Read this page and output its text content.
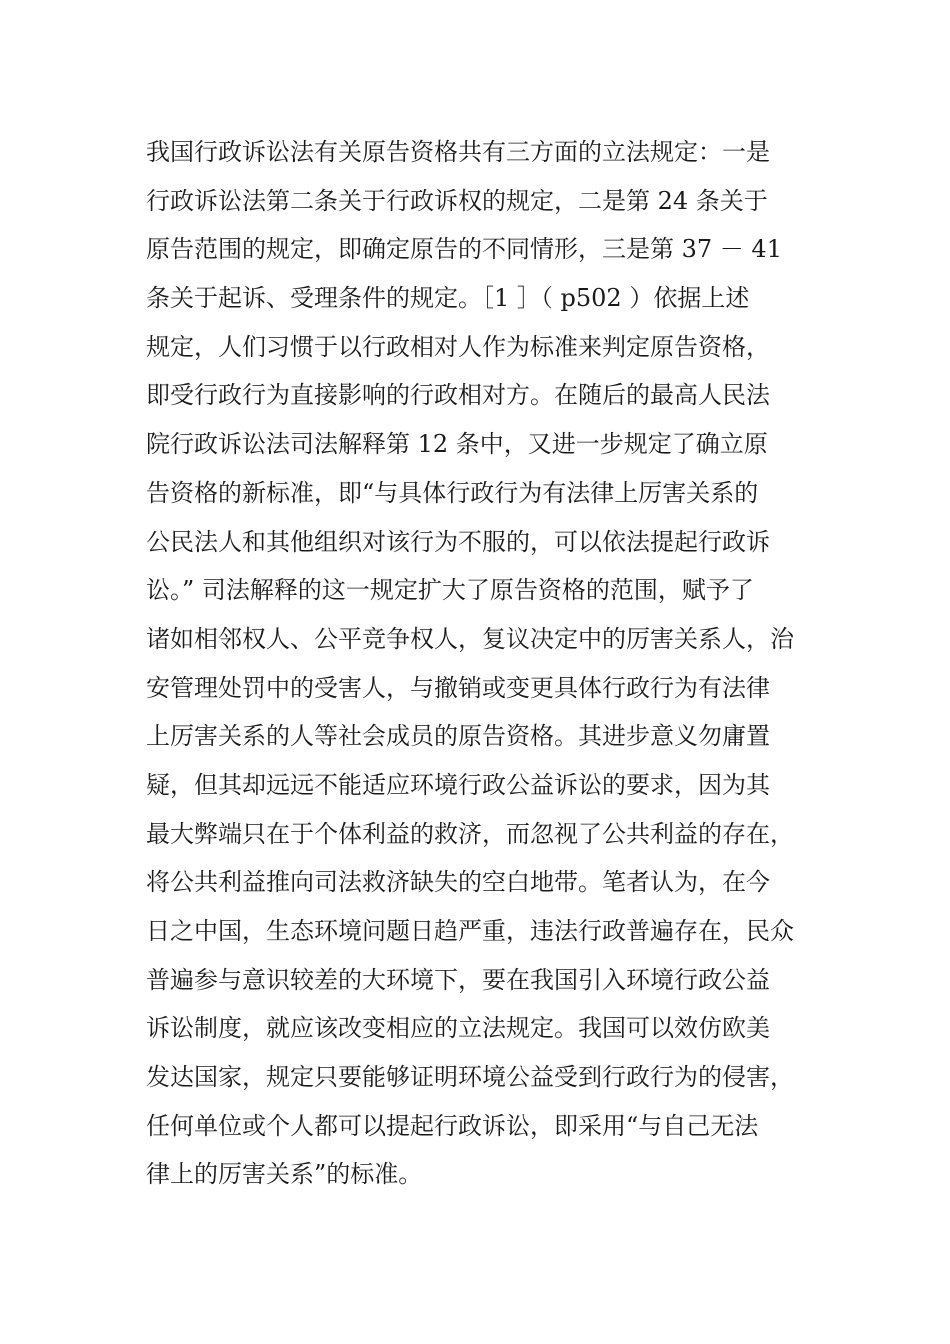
我国行政诉讼法有关原告资格共有三方面的立法规定：一是
行政诉讼法第二条关于行政诉权的规定，二是第 24 条关于
原告范围的规定，即确定原告的不同情形，三是第 37 － 41
条关于起诉、受理条件的规定。［1 ］（ p502 ）依据上述
规定，人们习惯于以行政相对人作为标准来判定原告资格，
即受行政行为直接影响的行政相对方。在随后的最高人民法
院行政诉讼法司法解释第 12 条中，又进一步规定了确立原
告资格的新标准，即“与具体行政行为有法律上厉害关系的
公民法人和其他组织对该行为不服的，可以依法提起行政诉
讼。” 司法解释的这一规定扩大了原告资格的范围，赋予了
诸如相邻权人、公平竞争权人，复议决定中的厉害关系人，治
安管理处罚中的受害人，与撤销或变更具体行政行为有法律
上厉害关系的人等社会成员的原告资格。其进步意义勿庸置
疑，但其却远远不能适应环境行政公益诉讼的要求，因为其
最大弊端只在于个体利益的救济，而忽视了公共利益的存在，
将公共利益推向司法救济缺失的空白地带。笔者认为，在今
日之中国，生态环境问题日趋严重，违法行政普遍存在，民众
普遍参与意识较差的大环境下，要在我国引入环境行政公益
诉讼制度，就应该改变相应的立法规定。我国可以效仿欧美
发达国家，规定只要能够证明环境公益受到行政行为的侵害，
任何单位或个人都可以提起行政诉讼，即采用“与自己无法
律上的厉害关系”的标准。
